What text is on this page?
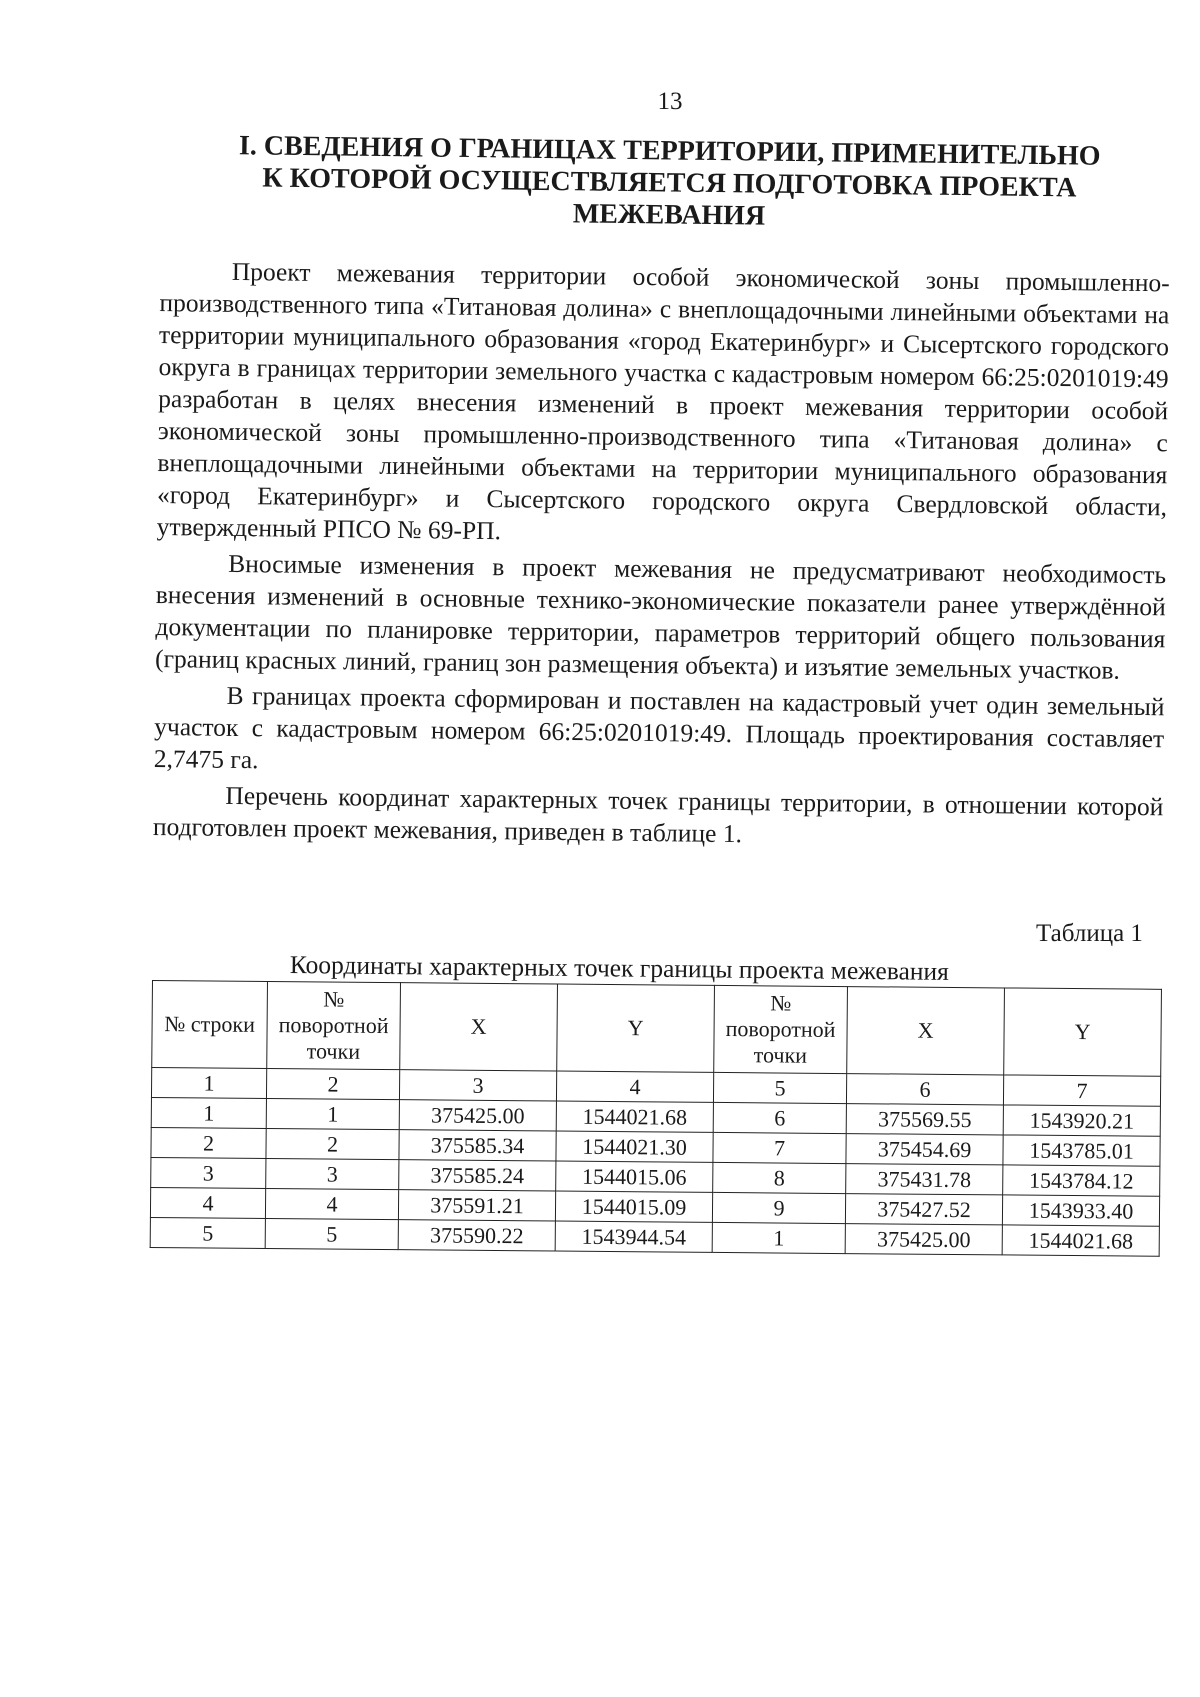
13
I. СВЕДЕНИЯ О ГРАНИЦАХ ТЕРРИТОРИИ, ПРИМЕНИТЕЛЬНО
К КОТОРОЙ ОСУЩЕСТВЛЯЕТСЯ ПОДГОТОВКА ПРОЕКТА
МЕЖЕВАНИЯ

Проект межевания территории особой экономической зоны промышленно-производственного типа «Титановая долина» с внеплощадочными линейными объектами на территории муниципального образования «город Екатеринбург» и Сысертского городского округа в границах территории земельного участка с кадастровым номером 66:25:0201019:49 разработан в целях внесения изменений в проект межевания территории особой экономической зоны промышленно-производственного типа «Титановая долина» с внеплощадочными линейными объектами на территории муниципального образования «город Екатеринбург» и Сысертского городского округа Свердловской области, утвержденный РПСО № 69-РП.

Вносимые изменения в проект межевания не предусматривают необходимость внесения изменений в основные технико-экономические показатели ранее утверждённой документации по планировке территории, параметров территорий общего пользования (границ красных линий, границ зон размещения объекта) и изъятие земельных участков.

В границах проекта сформирован и поставлен на кадастровый учет один земельный участок с кадастровым номером 66:25:0201019:49. Площадь проектирования составляет 2,7475 га.

Перечень координат характерных точек границы территории, в отношении которой подготовлен проект межевания, приведен в таблице 1.

Таблица 1
Координаты характерных точек границы проекта межевания
№ строки	№ поворотной точки	X	Y	№ поворотной точки	X	Y
1	2	3	4	5	6	7
1	1	375425.00	1544021.68	6	375569.55	1543920.21
2	2	375585.34	1544021.30	7	375454.69	1543785.01
3	3	375585.24	1544015.06	8	375431.78	1543784.12
4	4	375591.21	1544015.09	9	375427.52	1543933.40
5	5	375590.22	1543944.54	1	375425.00	1544021.68
